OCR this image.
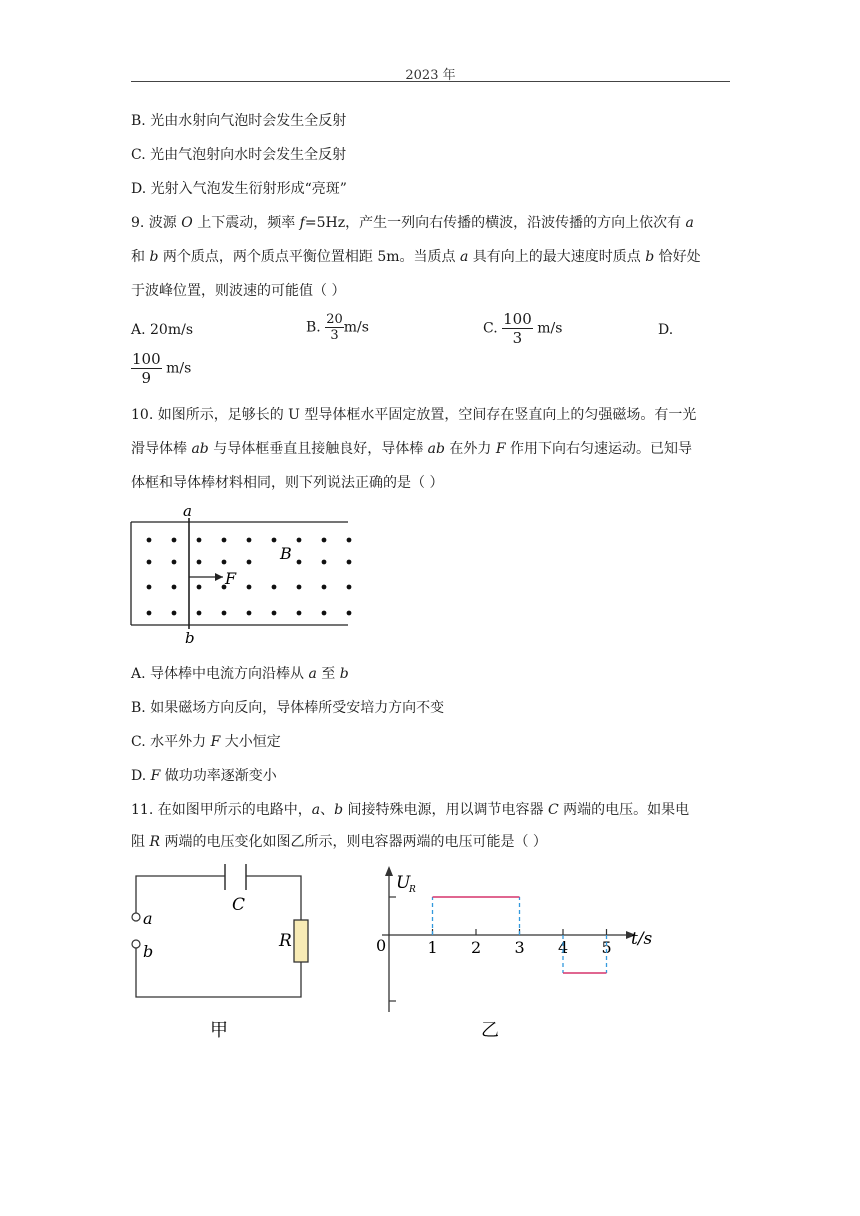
2023 年
B. 光由水射向气泡时会发生全反射
C. 光由气泡射向水时会发生全反射
D. 光射入气泡发生衍射形成“亮斑”
9. 波源 O 上下震动，频率 f=5Hz，产生一列向右传播的横波，沿波传播的方向上依次有 a
和 b 两个质点，两个质点平衡位置相距 5m。当质点 a 具有向上的最大速度时质点 b 恰好处
于波峰位置，则波速的可能值（ ）
A. 20m/s	B. $\frac{20}{3} m/s$	C. $\frac{100}{3} m/s$	D.
$\frac{100}{9} m/s$
10. 如图所示，足够长的 U 型导体框水平固定放置，空间存在竖直向上的匀强磁场。有一光
滑导体棒 ab 与导体框垂直且接触良好，导体棒 ab 在外力 F 作用下向右匀速运动。已知导
体框和导体棒材料相同，则下列说法正确的是（ ）
a
b
B
F
A. 导体棒中电流方向沿棒从 a 至 b
B. 如果磁场方向反向，导体棒所受安培力方向不变
C. 水平外力 F 大小恒定
D. F 做功功率逐渐变小
11. 在如图甲所示的电路中，a、b 间接特殊电源，用以调节电容器 C 两端的电压。如果电
阻 R 两端的电压变化如图乙所示，则电容器两端的电压可能是（ ）
C
R
a
b
甲
1 2 3 4 5
U
R
t/s
0
乙
